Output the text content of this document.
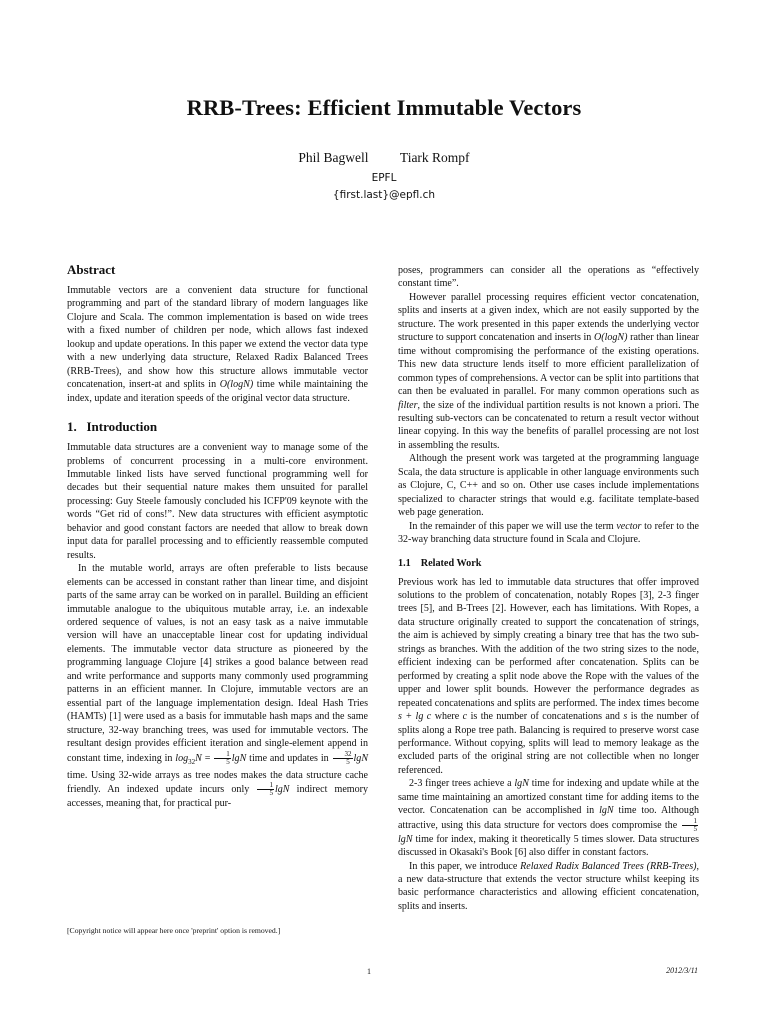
RRB-Trees: Efficient Immutable Vectors
Phil Bagwell Tiark Rompf
EPFL
{first.last}@epfl.ch
Abstract

Immutable vectors are a convenient data structure for functional programming and part of the standard library of modern languages like Clojure and Scala. The common implementation is based on wide trees with a fixed number of children per node, which allows fast indexed lookup and update operations. In this paper we extend the vector data type with a new underlying data structure, Relaxed Radix Balanced Trees (RRB-Trees), and show how this structure allows immutable vector concatenation, insert-at and splits in O(logN) time while maintaining the index, update and iteration speeds of the original vector data structure.

1. Introduction

Immutable data structures are a convenient way to manage some of the problems of concurrent processing in a multi-core environment. Immutable linked lists have served functional programming well for decades but their sequential nature makes them unsuited for parallel processing: Guy Steele famously concluded his ICFP'09 keynote with the words “Get rid of cons!”. New data structures with efficient asymptotic behavior and good constant factors are needed that allow to break down input data for parallel processing and to efficiently reassemble computed results.

In the mutable world, arrays are often preferable to lists because elements can be accessed in constant rather than linear time, and disjoint parts of the same array can be worked on in parallel. Building an efficient immutable analogue to the ubiquitous mutable array, i.e. an indexable ordered sequence of values, is not an easy task as a naive immutable version will have an unacceptable linear cost for updating individual elements. The immutable vector data structure as pioneered by the programming language Clojure [4] strikes a good balance between read and write performance and supports many commonly used programming patterns in an efficient manner. In Clojure, immutable vectors are an essential part of the language implementation design. Ideal Hash Tries (HAMTs) [1] were used as a basis for immutable hash maps and the same structure, 32-way branching trees, was used for immutable vectors. The resultant design provides efficient iteration and single-element append in constant time, indexing in $\log_{32}N = \frac{1}{5}$ lgN time and updates in $\frac{32}{5}$ lgN time. Using 32-wide arrays as tree nodes makes the data structure cache friendly. An indexed update incurs only $\frac{1}{5}$ lgN indirect memory accesses, meaning that, for practical pur-

[Copyright notice will appear here once 'preprint' option is removed.]

poses, programmers can consider all the operations as “effectively constant time”.

However parallel processing requires efficient vector concatenation, splits and inserts at a given index, which are not easily supported by the structure. The work presented in this paper extends the underlying vector structure to support concatenation and inserts in O(logN) rather than linear time without compromising the performance of the existing operations. This new data structure lends itself to more efficient parallelization of common types of comprehensions. A vector can be split into partitions that can then be evaluated in parallel. For many common operations such as filter, the size of the individual partition results is not known a priori. The resulting sub-vectors can be concatenated to return a result vector without linear copying. In this way the benefits of parallel processing are not lost in assembling the results.

Although the present work was targeted at the programming language Scala, the data structure is applicable in other language environments such as Clojure, C, C++ and so on. Other use cases include implementations specialized to character strings that would e.g. facilitate template-based web page generation.

In the remainder of this paper we will use the term vector to refer to the 32-way branching data structure found in Scala and Clojure.

1.1 Related Work

Previous work has led to immutable data structures that offer improved solutions to the problem of concatenation, notably Ropes [3], 2-3 finger trees [5], and B-Trees [2]. However, each has limitations. With Ropes, a data structure originally created to support the concatenation of strings, the aim is achieved by simply creating a binary tree that has the two sub-strings as branches. With the addition of the two string sizes to the node, efficient indexing can be performed after concatenation. Splits can be performed by creating a split node above the Rope with the values of the upper and lower split bounds. However the performance degrades as repeated concatenations and splits are performed. The index times become s + lg c where c is the number of concatenations and s is the number of splits along a Rope tree path. Balancing is required to preserve worst case performance. Without copying, splits will lead to memory leakage as the excluded parts of the original string are not collectible when no longer referenced.

2-3 finger trees achieve a lgN time for indexing and update while at the same time maintaining an amortized constant time for adding items to the vector. Concatenation can be accomplished in lgN time too. Although attractive, using this data structure for vectors does compromise the $\frac{1}{5}$
lgN time for index, making it theoretically 5 times slower. Data structures discussed in Okasaki's Book [6] also differ in constant factors.

In this paper, we introduce Relaxed Radix Balanced Trees (RRB-Trees), a new data-structure that extends the vector structure whilst keeping its basic performance characteristics and allowing efficient concatenation, splits and inserts.

1	2012/3/11
